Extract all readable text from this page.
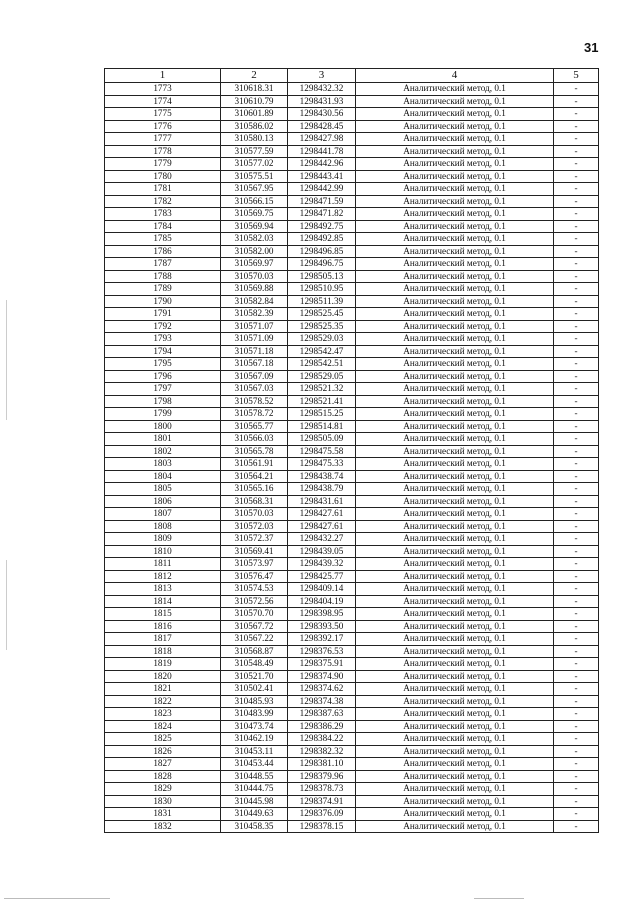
31
1	2	3	4	5
1773	310618.31	1298432.32	Аналитический метод, 0.1	-
1774	310610.79	1298431.93	Аналитический метод, 0.1	-
1775	310601.89	1298430.56	Аналитический метод, 0.1	-
1776	310586.02	1298428.45	Аналитический метод, 0.1	-
1777	310580.13	1298427.98	Аналитический метод, 0.1	-
1778	310577.59	1298441.78	Аналитический метод, 0.1	-
1779	310577.02	1298442.96	Аналитический метод, 0.1	-
1780	310575.51	1298443.41	Аналитический метод, 0.1	-
1781	310567.95	1298442.99	Аналитический метод, 0.1	-
1782	310566.15	1298471.59	Аналитический метод, 0.1	-
1783	310569.75	1298471.82	Аналитический метод, 0.1	-
1784	310569.94	1298492.75	Аналитический метод, 0.1	-
1785	310582.03	1298492.85	Аналитический метод, 0.1	-
1786	310582.00	1298496.85	Аналитический метод, 0.1	-
1787	310569.97	1298496.75	Аналитический метод, 0.1	-
1788	310570.03	1298505.13	Аналитический метод, 0.1	-
1789	310569.88	1298510.95	Аналитический метод, 0.1	-
1790	310582.84	1298511.39	Аналитический метод, 0.1	-
1791	310582.39	1298525.45	Аналитический метод, 0.1	-
1792	310571.07	1298525.35	Аналитический метод, 0.1	-
1793	310571.09	1298529.03	Аналитический метод, 0.1	-
1794	310571.18	1298542.47	Аналитический метод, 0.1	-
1795	310567.18	1298542.51	Аналитический метод, 0.1	-
1796	310567.09	1298529.05	Аналитический метод, 0.1	-
1797	310567.03	1298521.32	Аналитический метод, 0.1	-
1798	310578.52	1298521.41	Аналитический метод, 0.1	-
1799	310578.72	1298515.25	Аналитический метод, 0.1	-
1800	310565.77	1298514.81	Аналитический метод, 0.1	-
1801	310566.03	1298505.09	Аналитический метод, 0.1	-
1802	310565.78	1298475.58	Аналитический метод, 0.1	-
1803	310561.91	1298475.33	Аналитический метод, 0.1	-
1804	310564.21	1298438.74	Аналитический метод, 0.1	-
1805	310565.16	1298438.79	Аналитический метод, 0.1	-
1806	310568.31	1298431.61	Аналитический метод, 0.1	-
1807	310570.03	1298427.61	Аналитический метод, 0.1	-
1808	310572.03	1298427.61	Аналитический метод, 0.1	-
1809	310572.37	1298432.27	Аналитический метод, 0.1	-
1810	310569.41	1298439.05	Аналитический метод, 0.1	-
1811	310573.97	1298439.32	Аналитический метод, 0.1	-
1812	310576.47	1298425.77	Аналитический метод, 0.1	-
1813	310574.53	1298409.14	Аналитический метод, 0.1	-
1814	310572.56	1298404.19	Аналитический метод, 0.1	-
1815	310570.70	1298398.95	Аналитический метод, 0.1	-
1816	310567.72	1298393.50	Аналитический метод, 0.1	-
1817	310567.22	1298392.17	Аналитический метод, 0.1	-
1818	310568.87	1298376.53	Аналитический метод, 0.1	-
1819	310548.49	1298375.91	Аналитический метод, 0.1	-
1820	310521.70	1298374.90	Аналитический метод, 0.1	-
1821	310502.41	1298374.62	Аналитический метод, 0.1	-
1822	310485.93	1298374.38	Аналитический метод, 0.1	-
1823	310483.99	1298387.63	Аналитический метод, 0.1	-
1824	310473.74	1298386.29	Аналитический метод, 0.1	-
1825	310462.19	1298384.22	Аналитический метод, 0.1	-
1826	310453.11	1298382.32	Аналитический метод, 0.1	-
1827	310453.44	1298381.10	Аналитический метод, 0.1	-
1828	310448.55	1298379.96	Аналитический метод, 0.1	-
1829	310444.75	1298378.73	Аналитический метод, 0.1	-
1830	310445.98	1298374.91	Аналитический метод, 0.1	-
1831	310449.63	1298376.09	Аналитический метод, 0.1	-
1832	310458.35	1298378.15	Аналитический метод, 0.1	-
